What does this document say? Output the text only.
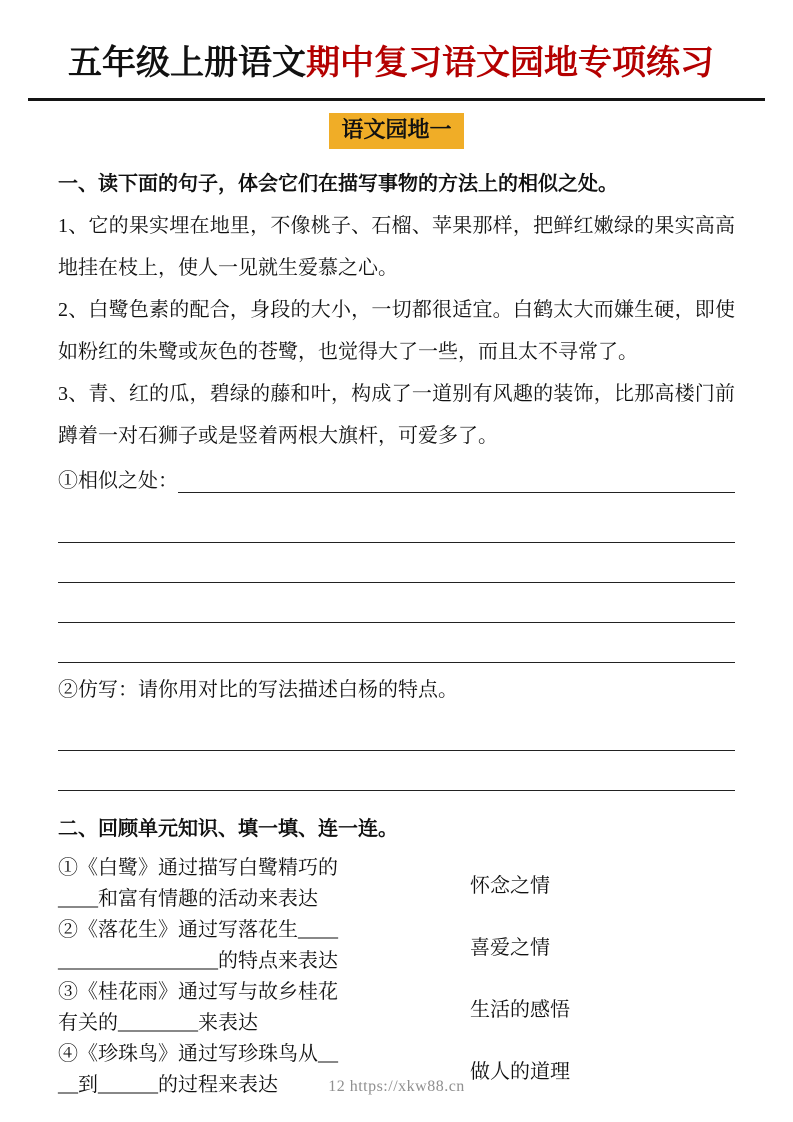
五年级上册语文期中复习语文园地专项练习
语文园地一
一、读下面的句子，体会它们在描写事物的方法上的相似之处。

1、它的果实埋在地里，不像桃子、石榴、苹果那样，把鲜红嫩绿的果实高高地挂在枝上，使人一见就生爱慕之心。

2、白鹭色素的配合，身段的大小，一切都很适宜。白鹤太大而嫌生硬，即使如粉红的朱鹭或灰色的苍鹭，也觉得大了一些，而且太不寻常了。

3、青、红的瓜，碧绿的藤和叶，构成了一道别有风趣的装饰，比那高楼门前蹲着一对石狮子或是竖着两根大旗杆，可爱多了。

①相似之处：
②仿写：请你用对比的写法描述白杨的特点。
二、回顾单元知识、填一填、连一连。
①《白鹭》通过描写白鹭精巧的
____和富有情趣的活动来表达
怀念之情
②《落花生》通过写落花生____
________________的特点来表达
喜爱之情
③《桂花雨》通过写与故乡桂花
有关的________来表达
生活的感悟
④《珍珠鸟》通过写珍珠鸟从__
__到______的过程来表达
做人的道理
12 https://xkw88.cn
